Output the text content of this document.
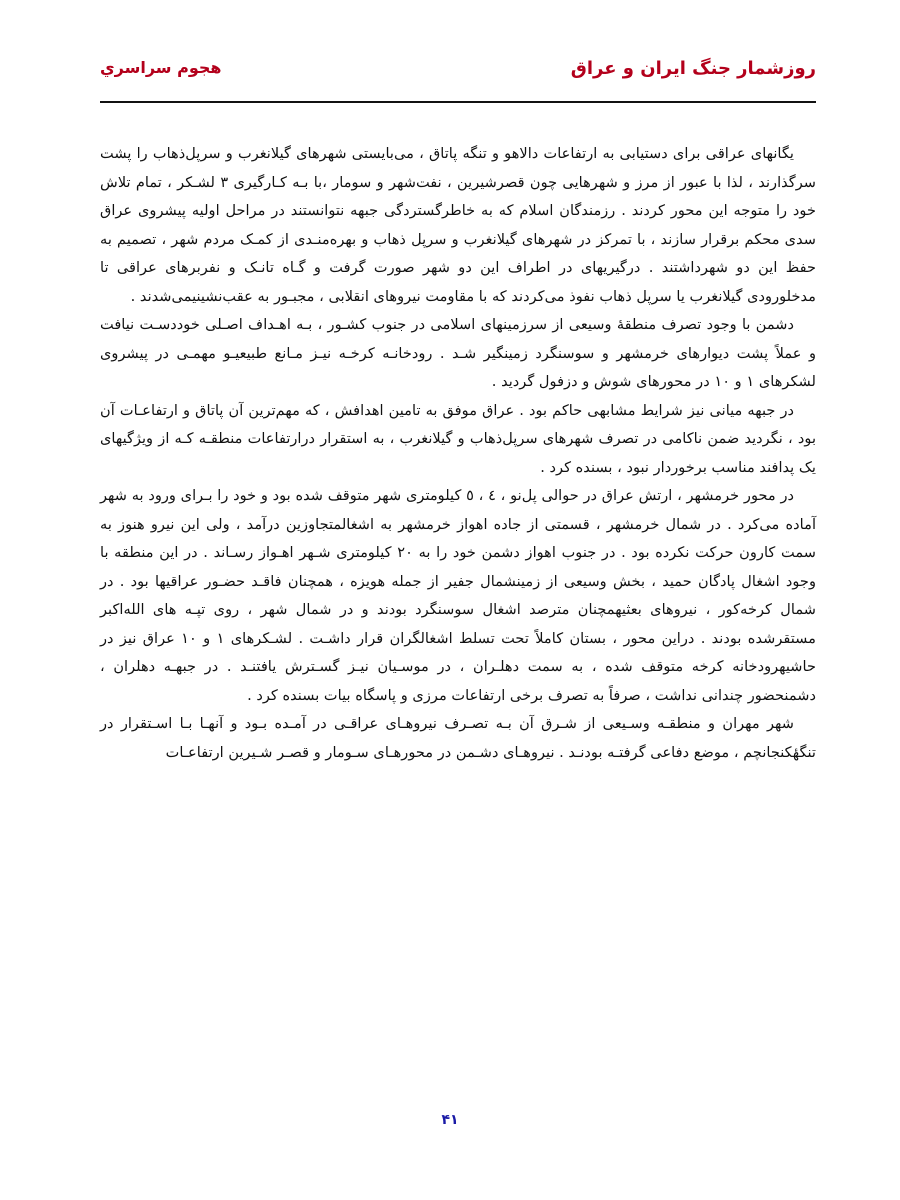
روزشمار جنگ ایران و عراق
هجوم سراسري

یگانهای عراقی برای دستیابی به ارتفاعات دالاهو و تنگه پاتاق ، می‌بایستی شهرهای گیلانغرب و سرپل‌ذهاب را پشت سرگذارند ، لذا با عبور از مرز و شهرهایی چون قصرشیرین ، نفت‌شهر و سومار ،با بـه کـارگیری ۳ لشـکر ، تمام تلاش خود را متوجه این محور کردند . رزمندگان اسلام که به خاطرگستردگی جبهه نتوانستند در مراحل اولیه پیشروی عراق سدی محکم برقرار سازند ، با تمرکز در شهرهای گیلانغرب و سرپل ذهاب و بهره‌منـدی از کمـک مردم شهر ، تصمیم به حفظ این دو شهرداشتند . درگیریهای در اطراف این دو شهر صورت گرفت و گـاه تانـک و نفربرهای عراقی تا مدخلورودی گیلانغرب یا سرپل ذهاب نفوذ می‌کردند که با مقاومت نیروهای انقلابی ، مجبـور به عقب‌نشینیمی‌شدند .

دشمن با وجود تصرف منطقهٔ وسیعی از سرزمینهای اسلامی در جنوب کشـور ، بـه اهـداف اصـلی خوددسـت نیافت و عملاً پشت دیوارهای خرمشهر و سوسنگرد زمینگیر شـد . رودخانـه کرخـه نیـز مـانع طبیعیـو مهمـی در پیشروی لشکرهای ۱ و ۱۰ در محورهای شوش و دزفول گردید .

در جبهه میانی نیز شرایط مشابهی حاکم بود . عراق موفق به تامین اهدافش ، که مهم‌ترین آن پاتاق و ارتفاعـات آن بود ، نگردید ضمن ناکامی در تصرف شهرهای سرپل‌ذهاب و گیلانغرب ، به استقرار درارتفاعات منطقـه کـه از ویژگیهای یک پدافند مناسب برخوردار نبود ، بسنده کرد .

در محور خرمشهر ، ارتش عراق در حوالی پل‌نو ، ٤ ، ٥ کیلومتری شهر متوقف شده بود و خود را بـرای ورود به شهر آماده می‌کرد . در شمال خرمشهر ، قسمتی از جاده اهواز خرمشهر به اشغالمتجاوزین درآمد ، ولی این نیرو هنوز به سمت کارون حرکت نکرده بود . در جنوب اهواز دشمن خود را به ۲۰ کیلومتری شـهر اهـواز رسـاند . در این منطقه با وجود اشغال پادگان حمید ، بخش وسیعی از زمینشمال جفیر از جمله هویزه ، همچنان فاقـد حضـور عراقیها بود . در شمال کرخه‌کور ، نیروهای بعثیهمچنان مترصد اشغال سوسنگرد بودند و در شمال شهر ، روی تپـه های الله‌اکبر مستقرشده بودند . دراین محور ، بستان کاملاً تحت تسلط اشغالگران قرار داشـت . لشـکرهای ۱ و ۱۰ عراق نیز در حاشیهرودخانه کرخه متوقف شده ، به سمت دهلـران ، در موسـیان نیـز گسـترش یافتنـد . در جبهـه دهلران ، دشمنحضور چندانی نداشت ، صرفاً به تصرف برخی ارتفاعات مرزی و پاسگاه بیات بسنده کرد .

شهر مهران و منطقـه وسـیعی از شـرق آن بـه تصـرف نیروهـای عراقـی در آمـده بـود و آنهـا بـا اسـتقرار در تنگهٔکنجانچم ، موضع دفاعی گرفتـه بودنـد . نیروهـای دشـمن در محورهـای سـومار و قصـر شـیرین ارتفاعـات

۴۱
